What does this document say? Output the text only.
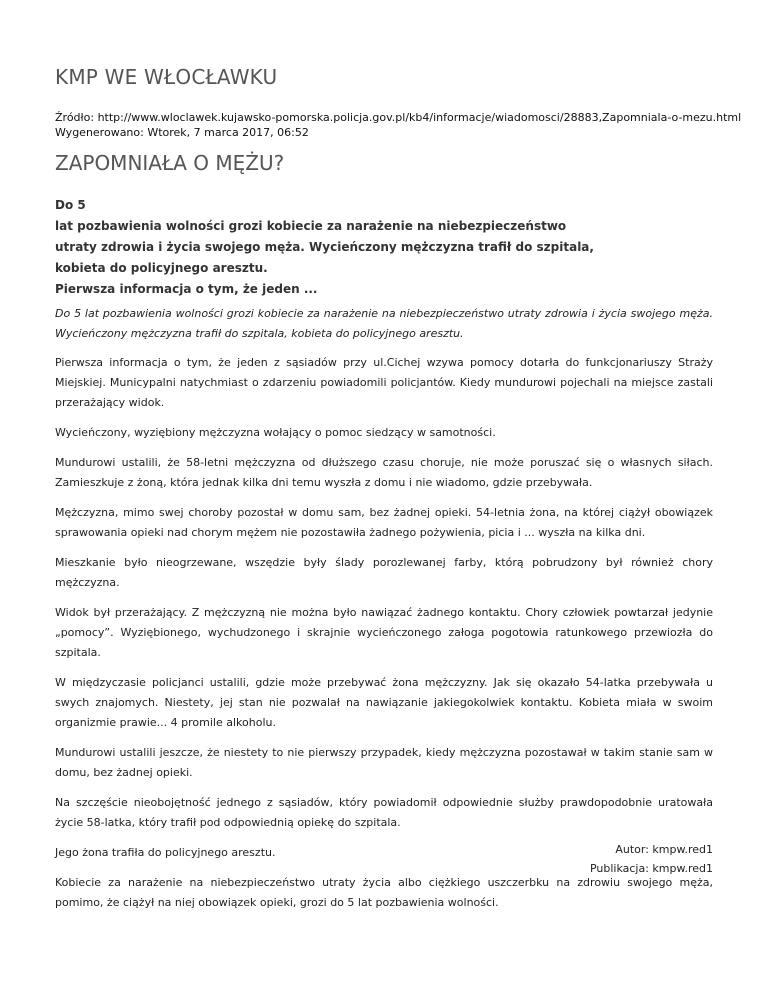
KMP WE WŁOCŁAWKU
Źródło: http://www.wloclawek.kujawsko-pomorska.policja.gov.pl/kb4/informacje/wiadomosci/28883,Zapomniala-o-mezu.html
Wygenerowano: Wtorek, 7 marca 2017, 06:52
ZAPOMNIAŁA O MĘŻU?
Do 5
lat pozbawienia wolności grozi kobiecie za narażenie na niebezpieczeństwo
utraty zdrowia i życia swojego męża. Wycieńczony mężczyzna trafił do szpitala,
kobieta do policyjnego aresztu.
Pierwsza informacja o tym, że jeden ...

Do 5 lat pozbawienia wolności grozi kobiecie za narażenie na niebezpieczeństwo utraty zdrowia i życia swojego męża. Wycieńczony mężczyzna trafił do szpitala, kobieta do policyjnego aresztu.

Pierwsza informacja o tym, że jeden z sąsiadów przy ul.Cichej wzywa pomocy dotarła do funkcjonariuszy Straży Miejskiej. Municypalni natychmiast o zdarzeniu powiadomili policjantów. Kiedy mundurowi pojechali na miejsce zastali przerażający widok.

Wycieńczony, wyziębiony mężczyzna wołający o pomoc siedzący w samotności.

Mundurowi ustalili, że 58-letni mężczyzna od dłuższego czasu choruje, nie może poruszać się o własnych siłach. Zamieszkuje z żoną, która jednak kilka dni temu wyszła z domu i nie wiadomo, gdzie przebywała.

Mężczyzna, mimo swej choroby pozostał w domu sam, bez żadnej opieki. 54-letnia żona, na której ciążył obowiązek sprawowania opieki nad chorym mężem nie pozostawiła żadnego pożywienia, picia i ... wyszła na kilka dni.

Mieszkanie było nieogrzewane, wszędzie były ślady porozlewanej farby, którą pobrudzony był również chory mężczyzna.

Widok był przerażający. Z mężczyzną nie można było nawiązać żadnego kontaktu. Chory człowiek powtarzał jedynie „pomocy”. Wyziębionego, wychudzonego i skrajnie wycieńczonego załoga pogotowia ratunkowego przewiozła do szpitala.

W międzyczasie policjanci ustalili, gdzie może przebywać żona mężczyzny. Jak się okazało 54-latka przebywała u swych znajomych. Niestety, jej stan nie pozwalał na nawiązanie jakiegokolwiek kontaktu. Kobieta miała w swoim organizmie prawie... 4 promile alkoholu.

Mundurowi ustalili jeszcze, że niestety to nie pierwszy przypadek, kiedy mężczyzna pozostawał w takim stanie sam w domu, bez żadnej opieki.

Na szczęście nieobojętność jednego z sąsiadów, który powiadomił odpowiednie służby prawdopodobnie uratowała życie 58-latka, który trafił pod odpowiednią opiekę do szpitala.

Jego żona trafiła do policyjnego aresztu.

Kobiecie za narażenie na niebezpieczeństwo utraty życia albo ciężkiego uszczerbku na zdrowiu swojego męża, pomimo, że ciążył na niej obowiązek opieki, grozi do 5 lat pozbawienia wolności.

Autor: kmpw.red1
Publikacja: kmpw.red1
